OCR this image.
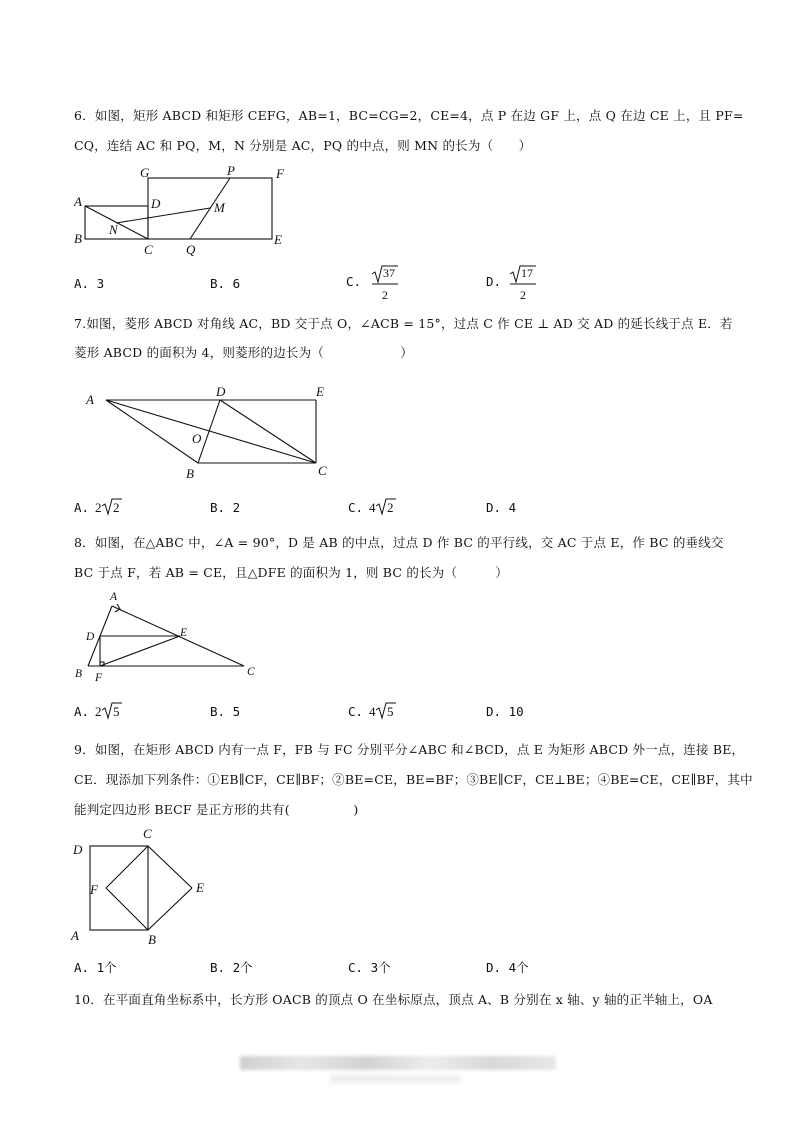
6．如图，矩形 ABCD 和矩形 CEFG，AB=1，BC=CG=2，CE=4，点 P 在边 GF 上，点 Q 在边 CE 上，且 PF=
CQ，连结 AC 和 PQ，M，N 分别是 AC，PQ 的中点，则 MN 的长为（　　）
A
B
C
D
G	P	F
M
N
Q
E
A. 3	B. 6	C.
37
2
D.
17
2
7.如图，菱形 ABCD 对角线 AC，BD 交于点 O，∠ACB = 15°，过点 C 作 CE ⊥ AD 交 AD 的延长线于点 E．若
菱形 ABCD 的面积为 4，则菱形的边长为（　　　　　　）
A
D	E
O
B	C
A. 2 2	B. 2	C. 4 2	D. 4
8．如图，在△ABC 中，∠A = 90°，D 是 AB 的中点，过点 D 作 BC 的平行线，交 AC 于点 E，作 BC 的垂线交
BC 于点 F，若 AB = CE，且△DFE 的面积为 1，则 BC 的长为（　　　）
A
D	E
B F	C
A. 2 5	B. 5	C. 4 5	D. 10
9．如图，在矩形 ABCD 内有一点 F，FB 与 FC 分别平分∠ABC 和∠BCD，点 E 为矩形 ABCD 外一点，连接 BE，
CE．现添加下列条件：①EB∥CF，CE∥BF；②BE=CE，BE=BF；③BE∥CF，CE⊥BE；④BE=CE，CE∥BF，其中
能判定四边形 BECF 是正方形的共有(　　　　　)
C
D
F	E
A	B
A. 1个	B. 2个	C. 3个	D. 4个
10．在平面直角坐标系中，长方形 OACB 的顶点 O 在坐标原点，顶点 A、B 分别在 x 轴、y 轴的正半轴上，OA
